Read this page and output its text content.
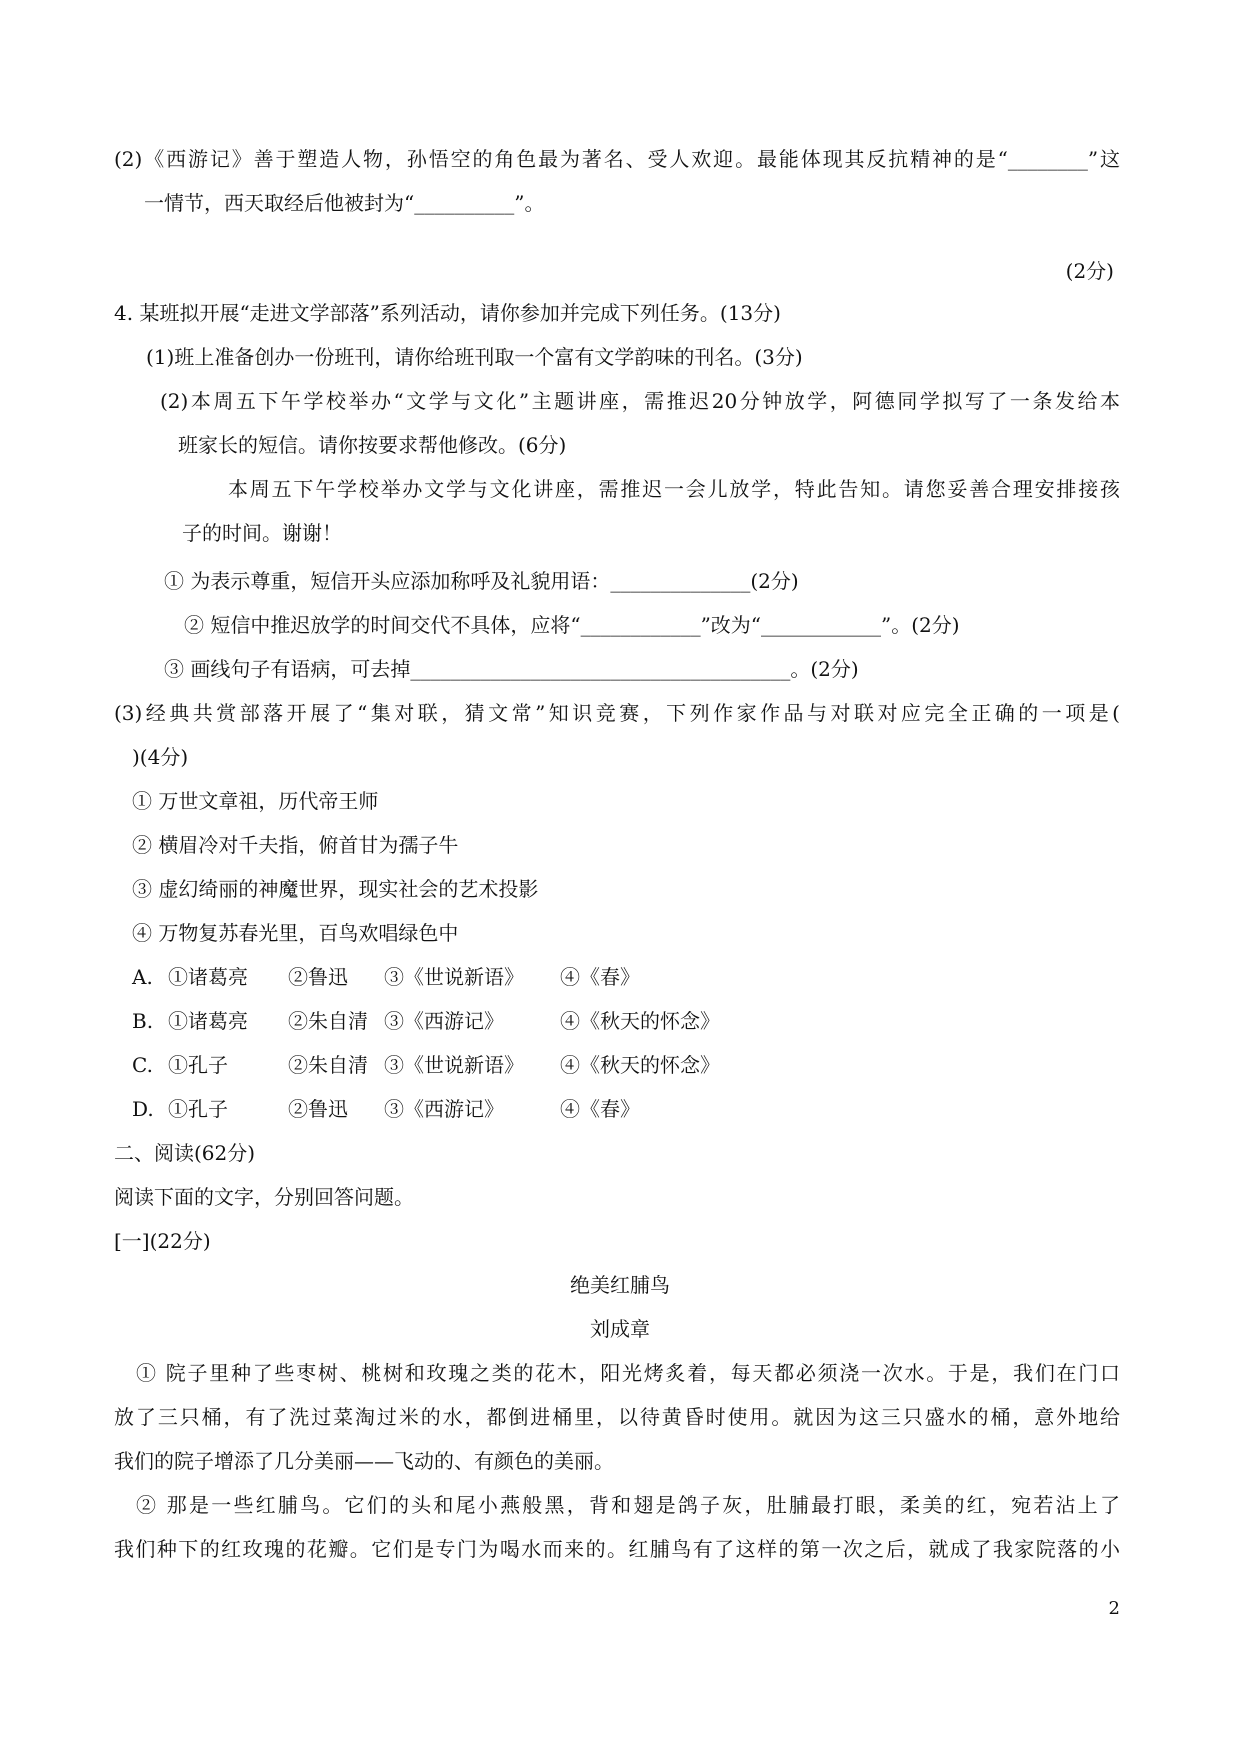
(2)《西游记》善于塑造人物，孙悟空的角色最为著名、受人欢迎。最能体现其反抗精神的是“________”这
一情节，西天取经后他被封为“__________”。
(2分)
4. 某班拟开展“走进文学部落”系列活动，请你参加并完成下列任务。(13分)
(1)班上准备创办一份班刊，请你给班刊取一个富有文学韵味的刊名。(3分)
(2)本周五下午学校举办“文学与文化”主题讲座，需推迟20分钟放学，阿德同学拟写了一条发给本
班家长的短信。请你按要求帮他修改。(6分)
本周五下午学校举办文学与文化讲座，需推迟一会儿放学，特此告知。请您妥善合理安排接孩
子的时间。谢谢！
① 为表示尊重，短信开头应添加称呼及礼貌用语：______________(2分)
② 短信中推迟放学的时间交代不具体，应将“____________”改为“____________”。(2分)
③ 画线句子有语病，可去掉______________________________________。(2分)
(3)经典共赏部落开展了“集对联，猜文常”知识竞赛，下列作家作品与对联对应完全正确的一项是(
)(4分)
① 万世文章祖，历代帝王师
② 横眉冷对千夫指，俯首甘为孺子牛
③ 虚幻绮丽的神魔世界，现实社会的艺术投影
④ 万物复苏春光里，百鸟欢唱绿色中
A. ①诸葛亮 ②鲁迅 ③《世说新语》 ④《春》
B. ①诸葛亮 ②朱自清 ③《西游记》	④《秋天的怀念》
C. ①孔子	②朱自清 ③《世说新语》 ④《秋天的怀念》
D. ①孔子	②鲁迅 ③《西游记》	④《春》
二、阅读(62分)
阅读下面的文字，分别回答问题。
[一](22分)
绝美红脯鸟
刘成章
① 院子里种了些枣树、桃树和玫瑰之类的花木，阳光烤炙着，每天都必须浇一次水。于是，我们在门口
放了三只桶，有了洗过菜淘过米的水，都倒进桶里，以待黄昏时使用。就因为这三只盛水的桶，意外地给
我们的院子增添了几分美丽——飞动的、有颜色的美丽。
② 那是一些红脯鸟。它们的头和尾小燕般黑，背和翅是鸽子灰，肚脯最打眼，柔美的红，宛若沾上了
我们种下的红玫瑰的花瓣。它们是专门为喝水而来的。红脯鸟有了这样的第一次之后，就成了我家院落的小
2
